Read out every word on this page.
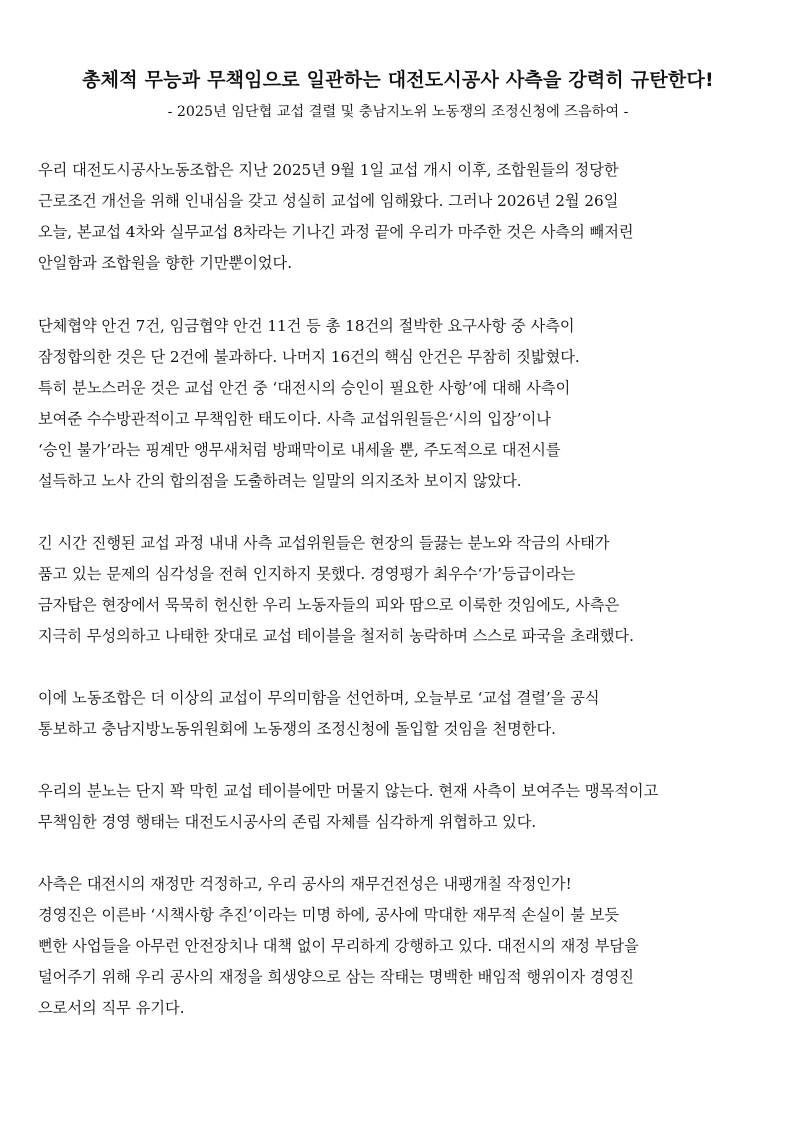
총체적 무능과 무책임으로 일관하는 대전도시공사 사측을 강력히 규탄한다!

- 2025년 임단협 교섭 결렬 및 충남지노위 노동쟁의 조정신청에 즈음하여 -

우리 대전도시공사노동조합은 지난 2025년 9월 1일 교섭 개시 이후, 조합원들의 정당한
근로조건 개선을 위해 인내심을 갖고 성실히 교섭에 임해왔다. 그러나 2026년 2월 26일
오늘, 본교섭 4차와 실무교섭 8차라는 기나긴 과정 끝에 우리가 마주한 것은 사측의 빼저린
안일함과 조합원을 향한 기만뿐이었다.
단체협약 안건 7건, 임금협약 안건 11건 등 총 18건의 절박한 요구사항 중 사측이
잠정합의한 것은 단 2건에 불과하다. 나머지 16건의 핵심 안건은 무참히 짓밟혔다.
특히 분노스러운 것은 교섭 안건 중 ‘대전시의 승인이 필요한 사항’에 대해 사측이
보여준 수수방관적이고 무책임한 태도이다. 사측 교섭위원들은‘시의 입장’이나
‘승인 불가’라는 핑계만 앵무새처럼 방패막이로 내세울 뿐, 주도적으로 대전시를
설득하고 노사 간의 합의점을 도출하려는 일말의 의지조차 보이지 않았다.
긴 시간 진행된 교섭 과정 내내 사측 교섭위원들은 현장의 들끓는 분노와 작금의 사태가
품고 있는 문제의 심각성을 전혀 인지하지 못했다. 경영평가 최우수‘가’등급이라는
금자탑은 현장에서 묵묵히 헌신한 우리 노동자들의 피와 땀으로 이룩한 것임에도, 사측은
지극히 무성의하고 나태한 잣대로 교섭 테이블을 철저히 농락하며 스스로 파국을 초래했다.
이에 노동조합은 더 이상의 교섭이 무의미함을 선언하며, 오늘부로 ‘교섭 결렬’을 공식
통보하고 충남지방노동위원회에 노동쟁의 조정신청에 돌입할 것임을 천명한다.
우리의 분노는 단지 꽉 막힌 교섭 테이블에만 머물지 않는다. 현재 사측이 보여주는 맹목적이고
무책임한 경영 행태는 대전도시공사의 존립 자체를 심각하게 위협하고 있다.
사측은 대전시의 재정만 걱정하고, 우리 공사의 재무건전성은 내팽개칠 작정인가!
경영진은 이른바 ‘시책사항 추진’이라는 미명 하에, 공사에 막대한 재무적 손실이 불 보듯
뻔한 사업들을 아무런 안전장치나 대책 없이 무리하게 강행하고 있다. 대전시의 재정 부담을
덜어주기 위해 우리 공사의 재정을 희생양으로 삼는 작태는 명백한 배임적 행위이자 경영진
으로서의 직무 유기다.
